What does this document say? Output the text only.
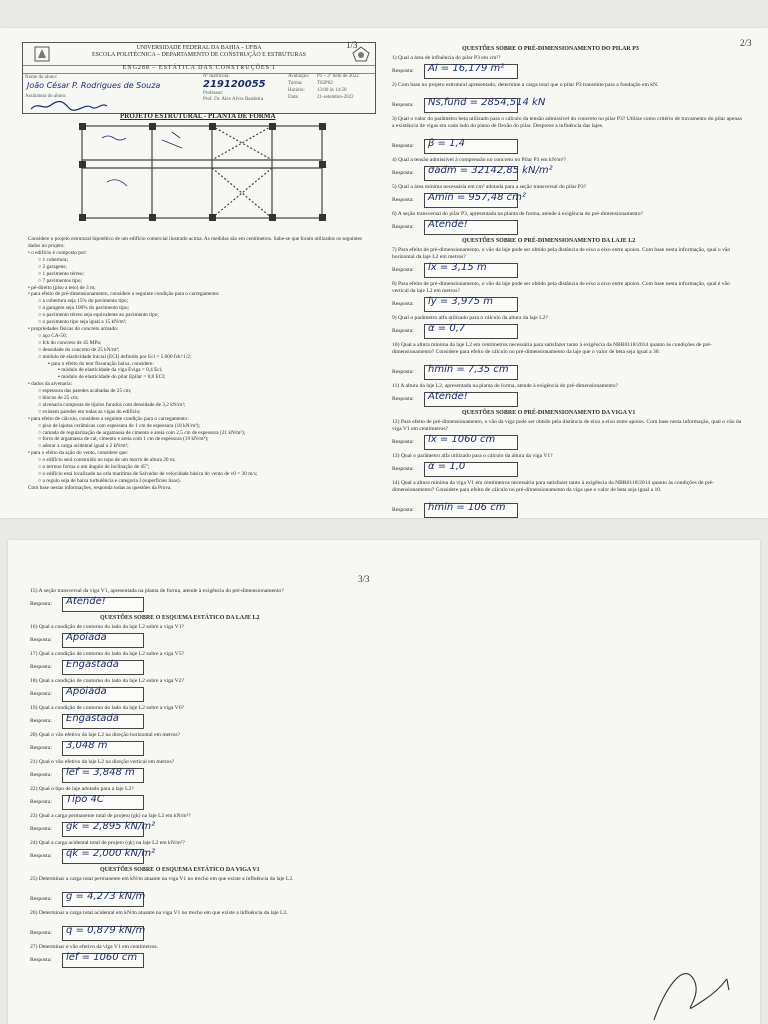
1/3	2/3
UNIVERSIDADE FEDERAL DA BAHIA – UFBA
ESCOLA POLITÉCNICA – DEPARTAMENTO DE CONSTRUÇÃO E ESTRUTURAS
ENG288 – ESTÁTICA DAS CONSTRUÇÕES I
Nome do aluno:
João César P. Rodrigues de Souza
Nº matrícula:
219120055
Avaliação: P1 – 2º Sem de 2022
Turma:	T02P02
Horário: 13:00 às 14:50
Professor:
Prof. Dr. Alex Alves Bandeira	Data:	21-setembro-2022
Assinatura do aluno:
PROJETO ESTRUTURAL - PLANTA DE FORMA
Considere o projeto estrutural hipotético de um edifício comercial ilustrado acima. As medidas são em centímetros. Sabe-se que foram utilizados os seguintes dados no projeto:
• o edifício é composto por:
○ 1 cobertura;
○ 2 garagens;
○ 1 pavimento térreo;
○ 7 pavimentos tipo;
• pé-direito (piso a teto) de 3 m;
• para efeito de pré-dimensionamento, considere a seguinte condição para o carregamento:
○ a cobertura seja 15% do pavimento tipo;
○ a garagem seja 100% do pavimento tipo;
○ o pavimento térreo seja equivalente ao pavimento tipo;
○ o pavimento tipo seja igual a 15 kN/m²;
• propriedades físicas do concreto armado:
○ aço CA-50;
○ fck do concreto de 45 MPa;
○ densidade do concreto de 25 kN/m³;
○ módulo de elasticidade inicial (ECI) definido por Eci = 5.600 fck^1/2;
▪ para o efeito do teor fissuração baixa, considere:
▪ módulo de elasticidade da viga Eviga = 0,4 Eci;
▪ módulo de elasticidade do pilar Epilar = 0,8 ECI;
• dados da alvenaria:
○ espessura das paredes acabadas de 25 cm;
○ blocos de 25 cm;
○ alvenaria composta de tijolos furados com densidade de 3,2 kN/m²;
○ existem paredes em todas as vigas do edifício;
• para efeito de cálculo, considere a seguinte condição para o carregamento:
○ piso de lajotas cerâmicas com espessura de 1 cm de espessura (18 kN/m³);
○ camada de regularização de argamassa de cimento e areia com 2,5 cm de espessura (21 kN/m³);
○ forro de argamassa de cal, cimento e areia com 1 cm de espessura (19 kN/m³);
○ adotar a carga acidental igual a 2 kN/m²;
• para o efeito da ação do vento, considere que:
○ o edifício será construído no topo de um morro de altura 20 m;
○ o terreno forma o um ângulo de inclinação de 45°;
○ o edifício está localizado na orla marítima de Salvador de velocidade básica do vento de v0 = 30 m/s;
○ a regulo seja de baixa turbulência e categoria I (superfícies lisas).
Com base nestas informações, responda todas as questões da Prova.
QUESTÕES SOBRE O PRÉ-DIMENSIONAMENTO DO PILAR P3
1) Qual a área de influência do pilar P3 em cm²?
Resposta: Ai = 16,179 m²
2) Com base no projeto estrutural apresentado, determine a carga total que o pilar P3 transmite para a fundação em kN.
Resposta: Ns,fund = 2854,514 kN
3) Qual o valor do parâmetro beta utilizado para o cálculo da tensão admissível do concreto no pilar P3? Utilize como critério de travamento do pilar apenas a existência de vigas em cada lado do plano de flexão do pilar. Despreze a influência das lajes.
Resposta: β = 1,4
4) Qual a tensão admissível à compressão no concreto no Pilar P3 em kN/m²?
Resposta: σadm = 32142,85 kN/m²
5) Qual a área mínima necessária em cm² adotada para a seção transversal do pilar P3?
Resposta: Amin = 957,48 cm²
6) A seção transversal do pilar P3, apresentada na planta de forma, atende à exigência do pré-dimensionamento?
Resposta: Atende!
QUESTÕES SOBRE O PRÉ-DIMENSIONAMENTO DA LAJE L2
7) Para efeito de pré-dimensionamento, o vão da laje pode ser obtido pela distância de eixo a eixo entre apoios. Com base nesta informação, qual o vão horizontal da laje L2 em metros?
Resposta: lx = 3,15 m
8) Para efeito de pré-dimensionamento, o vão da laje pode ser obtido pela distância de eixo a eixo entre apoios. Com base nesta informação, qual é vão vertical da laje L2 em metros?
Resposta: ly = 3,975 m
9) Qual o parâmetro alfa utilizado para o cálculo da altura da laje L2?
Resposta: α = 0,7
10) Qual a altura mínima da laje L2 em centímetros necessária para satisfazer tanto à exigência da NBR6118/2014 quanto às condições de pré-dimensionamento? Considere para efeito de cálculo no pré-dimensionamento da laje que o valor de beta seja igual a 30.
Resposta: hmin = 7,35 cm
11) A altura da laje L2, apresentada na planta de forma, atende à exigência do pré-dimensionamento?
Resposta: Atende!
QUESTÕES SOBRE O PRÉ-DIMENSIONAMENTO DA VIGA V1
12) Para efeito de pré-dimensionamento, o vão da viga pode ser obtido pela distância de eixo a eixo entre apoios. Com base nesta informação, qual o vão da viga V1 em centímetros?
Resposta: lx = 1060 cm
13) Qual o parâmetro alfa utilizado para o cálculo da altura da viga V1?
Resposta: α = 1,0
14) Qual a altura mínima da viga V1 em centímetros necessária para satisfazer tanto à exigência da NBR6118/2014 quanto às condições de pré-dimensionamento? Considere para efeito de cálculo no pré-dimensionamento da viga que o valor de beta seja igual a 10.
Resposta: hmin = 106 cm
3/3
15) A seção transversal da viga V1, apresentada na planta de forma, atende à exigência do pré-dimensionamento?
Resposta: Atende!
QUESTÕES SOBRE O ESQUEMA ESTÁTICO DA LAJE L2
16) Qual a condição de contorno do lado da laje L2 sobre a viga V1?
Resposta: Apoiada
17) Qual a condição de contorno do lado da laje L2 sobre a viga V5?
Resposta: Engastada
18) Qual a condição de contorno do lado da laje L2 sobre a viga V2?
Resposta: Apoiada
19) Qual a condição de contorno do lado da laje L2 sobre a viga V6?
Resposta: Engastada
20) Qual o vão efetivo da laje L2 na direção horizontal em metros?
Resposta: 3,048 m
21) Qual o vão efetivo da laje L2 na direção vertical em metros?
Resposta: lef = 3,848 m
22) Qual o tipo de laje adotado para a laje L2?
Resposta: Tipo 4C
23) Qual a carga permanente total de projeto (gk) na laje L2 em kN/m²?
Resposta: gk = 2,895 kN/m²
24) Qual a carga acidental total de projeto (qk) na laje L2 em kN/m²?
Resposta: qk = 2,000 kN/m²
QUESTÕES SOBRE O ESQUEMA ESTÁTICO DA VIGA V1
25) Determinar a carga total permanente em kN/m atuante na viga V1 no trecho em que existe a influência da laje L2.
Resposta: g = 4,273 kN/m
26) Determinar a carga total acidental em kN/m atuante na viga V1 no trecho em que existe a influência da laje L2.
Resposta: q = 0,879 kN/m
27) Determinar o vão efetivo da viga V1 em centímetros.
Resposta: lef = 1060 cm
